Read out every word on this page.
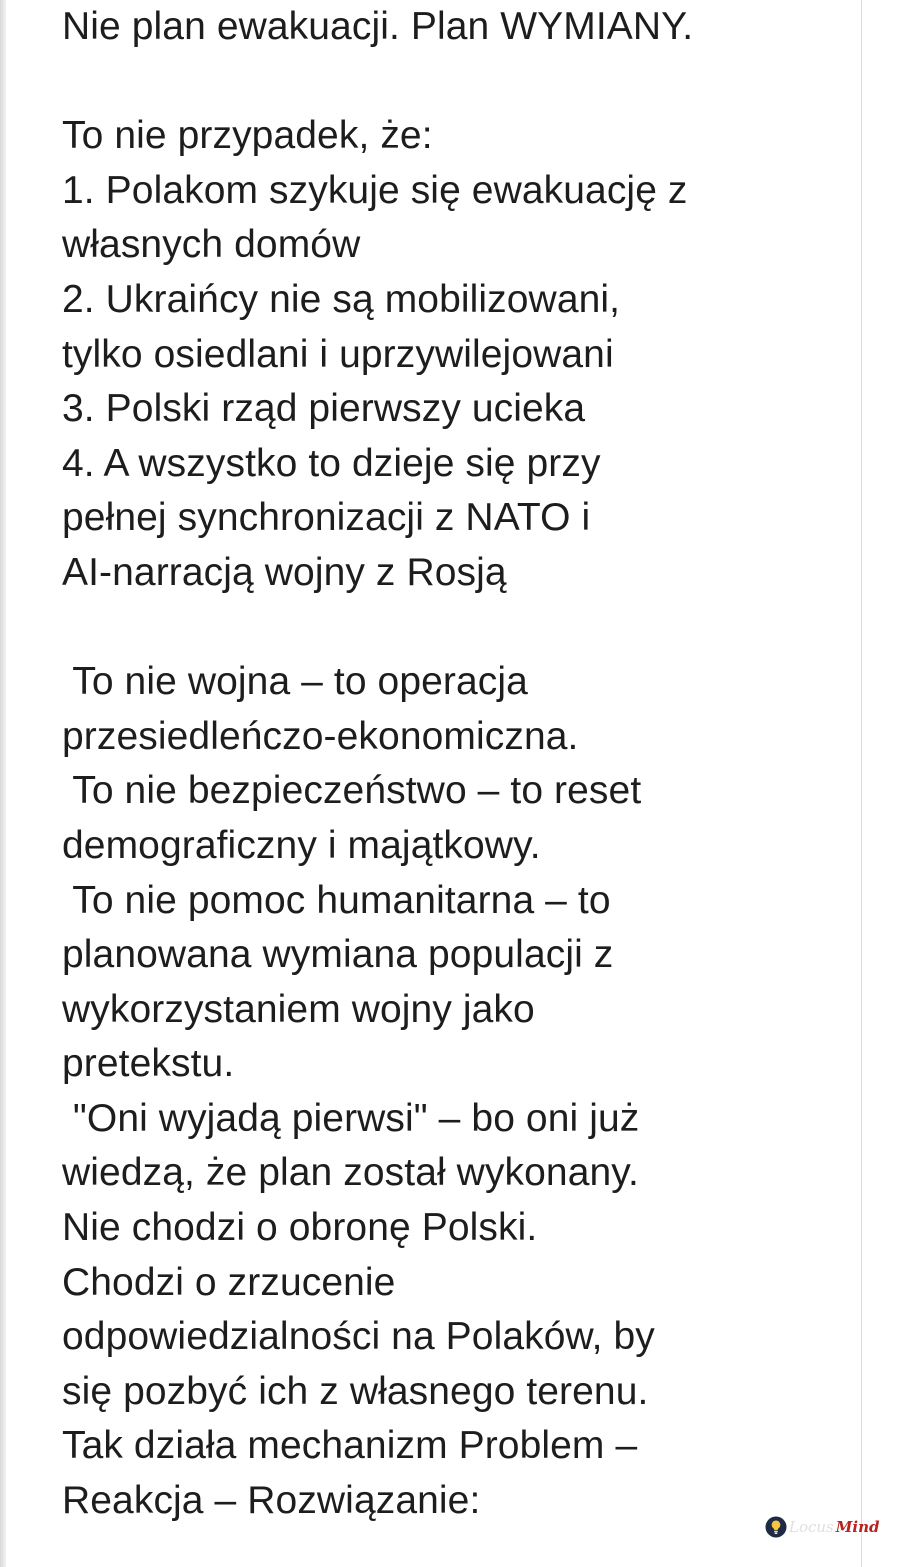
Nie plan ewakuacji. Plan WYMIANY.
To nie przypadek, że:
1. Polakom szykuje się ewakuację z
własnych domów
2. Ukraińcy nie są mobilizowani,
tylko osiedlani i uprzywilejowani
3. Polski rząd pierwszy ucieka
4. A wszystko to dzieje się przy
pełnej synchronizacji z NATO i
AI-narracją wojny z Rosją
To nie wojna – to operacja
przesiedleńczo-ekonomiczna.
To nie bezpieczeństwo – to reset
demograficzny i majątkowy.
To nie pomoc humanitarna – to
planowana wymiana populacji z
wykorzystaniem wojny jako
pretekstu.
"Oni wyjadą pierwsi" – bo oni już
wiedzą, że plan został wykonany.
Nie chodzi o obronę Polski.
Chodzi o zrzucenie
odpowiedzialności na Polaków, by
się pozbyć ich z własnego terenu.
Tak działa mechanizm Problem –
Reakcja – Rozwiązanie:
Locus Mind
